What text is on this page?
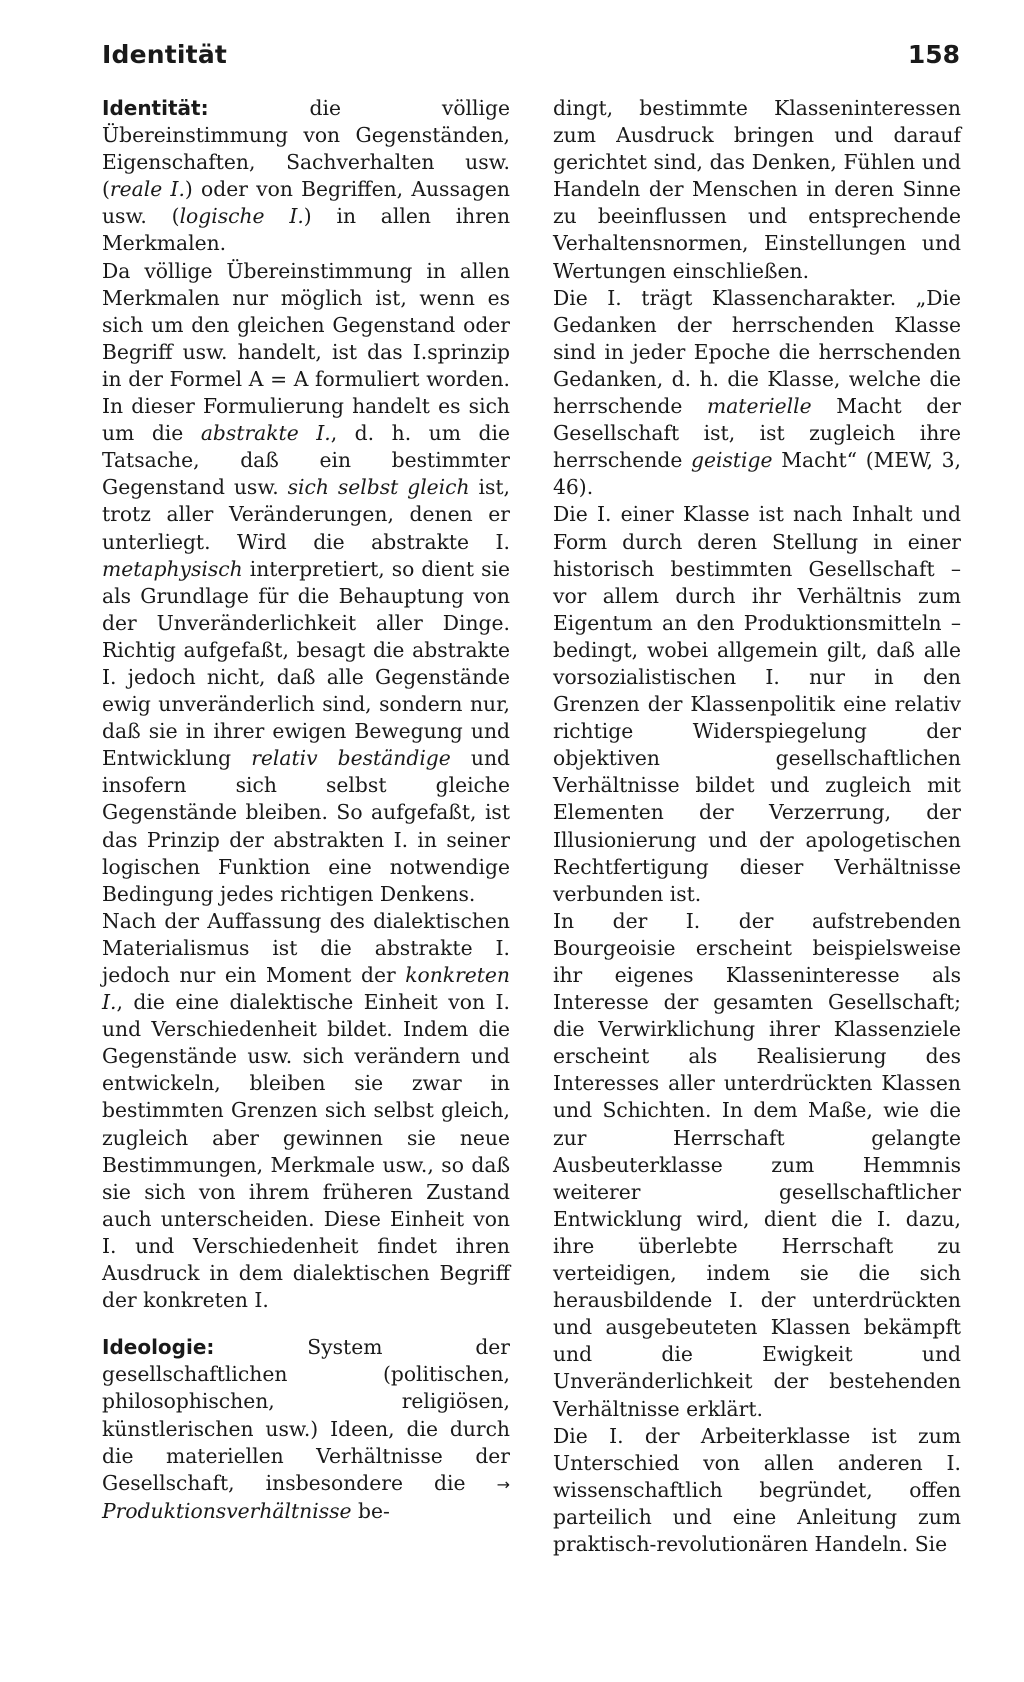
Identität	158

Identität: die völlige Übereinstimmung von Gegenständen, Eigenschaften, Sachverhalten usw. (reale I.) oder von Begriffen, Aussagen usw. (logische I.) in allen ihren Merkmalen.

Da völlige Übereinstimmung in allen Merkmalen nur möglich ist, wenn es sich um den gleichen Gegenstand oder Begriff usw. handelt, ist das I.sprinzip in der Formel A = A formuliert worden. In dieser Formulierung handelt es sich um die abstrakte I., d. h. um die Tatsache, daß ein bestimmter Gegenstand usw. sich selbst gleich ist, trotz aller Veränderungen, denen er unterliegt. Wird die abstrakte I. metaphysisch interpretiert, so dient sie als Grundlage für die Behauptung von der Unveränderlichkeit aller Dinge. Richtig aufgefaßt, besagt die abstrakte I. jedoch nicht, daß alle Gegenstände ewig unveränderlich sind, sondern nur, daß sie in ihrer ewigen Bewegung und Entwicklung relativ beständige und insofern sich selbst gleiche Gegenstände bleiben. So aufgefaßt, ist das Prinzip der abstrakten I. in seiner logischen Funktion eine notwendige Bedingung jedes richtigen Denkens.

Nach der Auffassung des dialektischen Materialismus ist die abstrakte I. jedoch nur ein Moment der konkreten I., die eine dialektische Einheit von I. und Verschiedenheit bildet. Indem die Gegenstände usw. sich verändern und entwickeln, bleiben sie zwar in bestimmten Grenzen sich selbst gleich, zugleich aber gewinnen sie neue Bestimmungen, Merkmale usw., so daß sie sich von ihrem früheren Zustand auch unterscheiden. Diese Einheit von I. und Verschiedenheit findet ihren Ausdruck in dem dialektischen Begriff der konkreten I.

Ideologie: System der gesellschaftlichen (politischen, philosophischen, religiösen, künstlerischen usw.) Ideen, die durch die materiellen Verhältnisse der Gesellschaft, insbesondere die → Produktionsverhältnisse be-

dingt, bestimmte Klasseninteressen zum Ausdruck bringen und darauf gerichtet sind, das Denken, Fühlen und Handeln der Menschen in deren Sinne zu beeinflussen und entsprechende Verhaltensnormen, Einstellungen und Wertungen einschließen.

Die I. trägt Klassencharakter. „Die Gedanken der herrschenden Klasse sind in jeder Epoche die herrschenden Gedanken, d. h. die Klasse, welche die herrschende materielle Macht der Gesellschaft ist, ist zugleich ihre herrschende geistige Macht“ (MEW, 3, 46).

Die I. einer Klasse ist nach Inhalt und Form durch deren Stellung in einer historisch bestimmten Gesellschaft – vor allem durch ihr Verhältnis zum Eigentum an den Produktionsmitteln – bedingt, wobei allgemein gilt, daß alle vorsozialistischen I. nur in den Grenzen der Klassenpolitik eine relativ richtige Widerspiegelung der objektiven gesellschaftlichen Verhältnisse bildet und zugleich mit Elementen der Verzerrung, der Illusionierung und der apologetischen Rechtfertigung dieser Verhältnisse verbunden ist.

In der I. der aufstrebenden Bourgeoisie erscheint beispielsweise ihr eigenes Klasseninteresse als Interesse der gesamten Gesellschaft; die Verwirklichung ihrer Klassenziele erscheint als Realisierung des Interesses aller unterdrückten Klassen und Schichten. In dem Maße, wie die zur Herrschaft gelangte Ausbeuterklasse zum Hemmnis weiterer gesellschaftlicher Entwicklung wird, dient die I. dazu, ihre überlebte Herrschaft zu verteidigen, indem sie die sich herausbildende I. der unterdrückten und ausgebeuteten Klassen bekämpft und die Ewigkeit und Unveränderlichkeit der bestehenden Verhältnisse erklärt.

Die I. der Arbeiterklasse ist zum Unterschied von allen anderen I. wissenschaftlich begründet, offen parteilich und eine Anleitung zum praktisch-revolutionären Handeln. Sie
